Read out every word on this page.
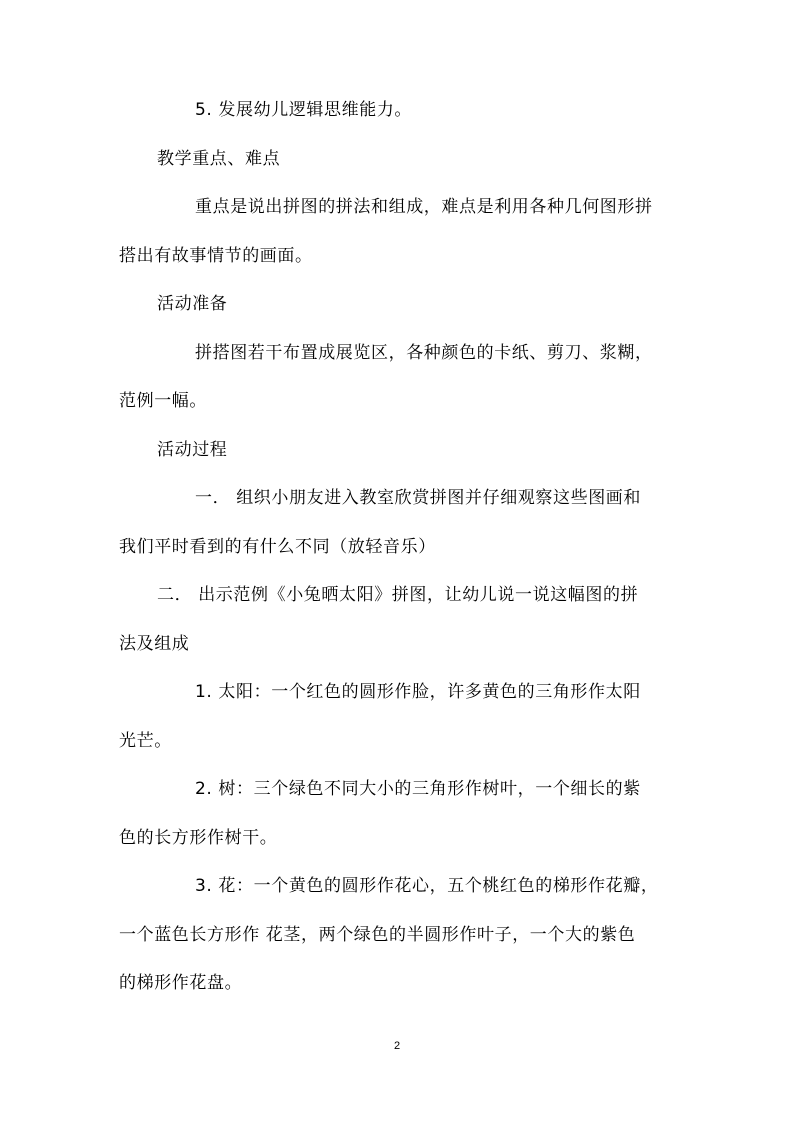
5. 发展幼儿逻辑思维能力。
教学重点、难点
重点是说出拼图的拼法和组成，难点是利用各种几何图形拼
搭出有故事情节的画面。
活动准备
拼搭图若干布置成展览区，各种颜色的卡纸、剪刀、浆糊，
范例一幅。
活动过程
一． 组织小朋友进入教室欣赏拼图并仔细观察这些图画和
我们平时看到的有什么不同（放轻音乐）
二． 出示范例《小兔晒太阳》拼图，让幼儿说一说这幅图的拼
法及组成
1. 太阳：一个红色的圆形作脸，许多黄色的三角形作太阳
光芒。
2. 树：三个绿色不同大小的三角形作树叶，一个细长的紫
色的长方形作树干。
3. 花：一个黄色的圆形作花心，五个桃红色的梯形作花瓣，
一个蓝色长方形作 花茎，两个绿色的半圆形作叶子，一个大的紫色
的梯形作花盘。
2
